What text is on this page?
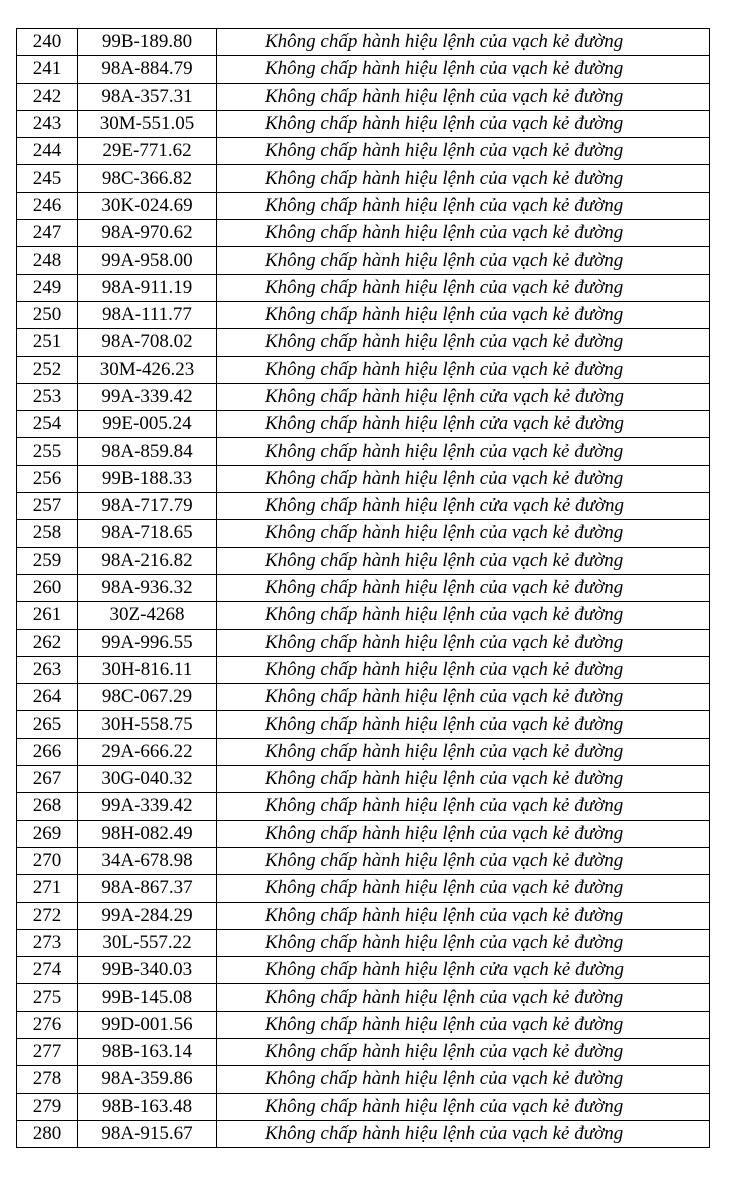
240	99B-189.80	Không chấp hành hiệu lệnh của vạch kẻ đường
241	98A-884.79	Không chấp hành hiệu lệnh của vạch kẻ đường
242	98A-357.31	Không chấp hành hiệu lệnh của vạch kẻ đường
243	30M-551.05	Không chấp hành hiệu lệnh của vạch kẻ đường
244	29E-771.62	Không chấp hành hiệu lệnh của vạch kẻ đường
245	98C-366.82	Không chấp hành hiệu lệnh của vạch kẻ đường
246	30K-024.69	Không chấp hành hiệu lệnh của vạch kẻ đường
247	98A-970.62	Không chấp hành hiệu lệnh của vạch kẻ đường
248	99A-958.00	Không chấp hành hiệu lệnh của vạch kẻ đường
249	98A-911.19	Không chấp hành hiệu lệnh của vạch kẻ đường
250	98A-111.77	Không chấp hành hiệu lệnh của vạch kẻ đường
251	98A-708.02	Không chấp hành hiệu lệnh của vạch kẻ đường
252	30M-426.23	Không chấp hành hiệu lệnh của vạch kẻ đường
253	99A-339.42	Không chấp hành hiệu lệnh cửa vạch kẻ đường
254	99E-005.24	Không chấp hành hiệu lệnh cửa vạch kẻ đường
255	98A-859.84	Không chấp hành hiệu lệnh của vạch kẻ đường
256	99B-188.33	Không chấp hành hiệu lệnh của vạch kẻ đường
257	98A-717.79	Không chấp hành hiệu lệnh cửa vạch kẻ đường
258	98A-718.65	Không chấp hành hiệu lệnh của vạch kẻ đường
259	98A-216.82	Không chấp hành hiệu lệnh của vạch kẻ đường
260	98A-936.32	Không chấp hành hiệu lệnh của vạch kẻ đường
261	30Z-4268	Không chấp hành hiệu lệnh của vạch kẻ đường
262	99A-996.55	Không chấp hành hiệu lệnh của vạch kẻ đường
263	30H-816.11	Không chấp hành hiệu lệnh của vạch kẻ đường
264	98C-067.29	Không chấp hành hiệu lệnh của vạch kẻ đường
265	30H-558.75	Không chấp hành hiệu lệnh của vạch kẻ đường
266	29A-666.22	Không chấp hành hiệu lệnh của vạch kẻ đường
267	30G-040.32	Không chấp hành hiệu lệnh của vạch kẻ đường
268	99A-339.42	Không chấp hành hiệu lệnh của vạch kẻ đường
269	98H-082.49	Không chấp hành hiệu lệnh của vạch kẻ đường
270	34A-678.98	Không chấp hành hiệu lệnh của vạch kẻ đường
271	98A-867.37	Không chấp hành hiệu lệnh của vạch kẻ đường
272	99A-284.29	Không chấp hành hiệu lệnh của vạch kẻ đường
273	30L-557.22	Không chấp hành hiệu lệnh của vạch kẻ đường
274	99B-340.03	Không chấp hành hiệu lệnh cửa vạch kẻ đường
275	99B-145.08	Không chấp hành hiệu lệnh của vạch kẻ đường
276	99D-001.56	Không chấp hành hiệu lệnh của vạch kẻ đường
277	98B-163.14	Không chấp hành hiệu lệnh của vạch kẻ đường
278	98A-359.86	Không chấp hành hiệu lệnh của vạch kẻ đường
279	98B-163.48	Không chấp hành hiệu lệnh của vạch kẻ đường
280	98A-915.67	Không chấp hành hiệu lệnh của vạch kẻ đường
